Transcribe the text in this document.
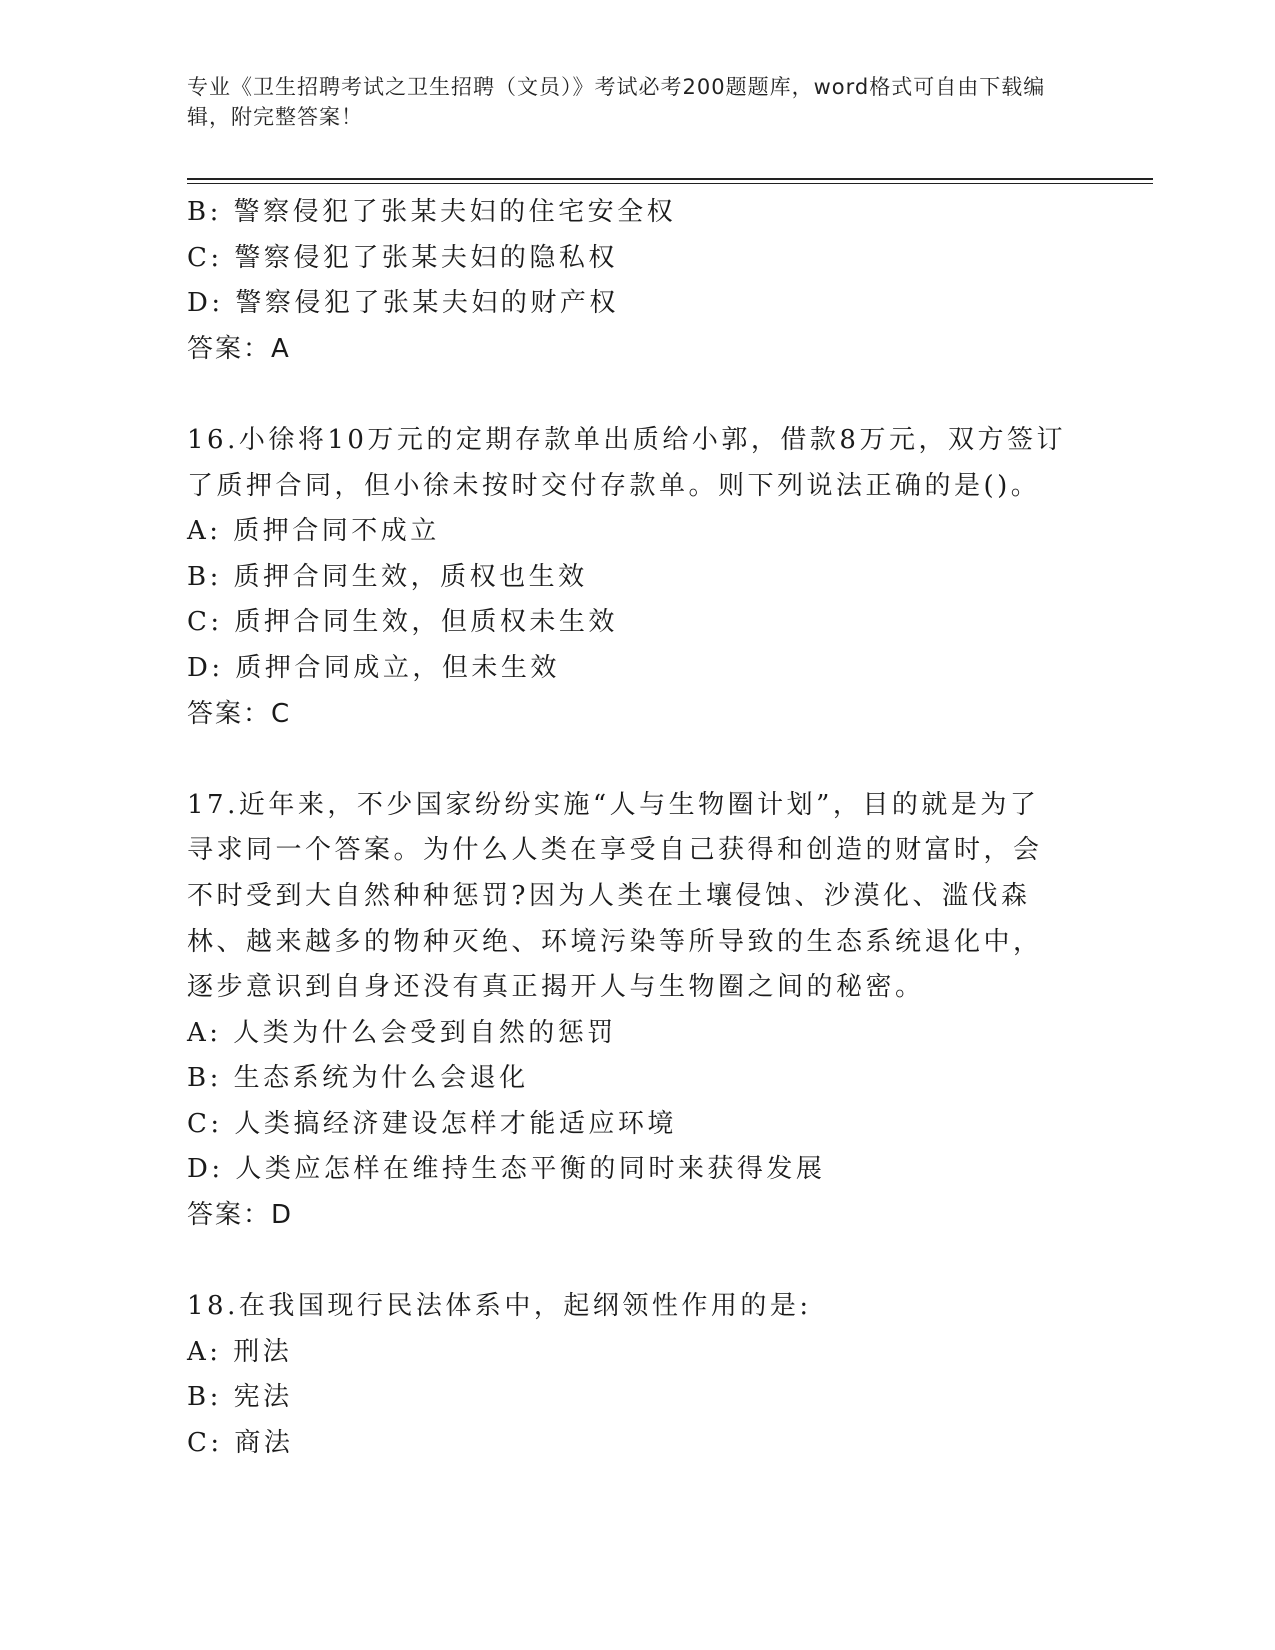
专业《卫生招聘考试之卫生招聘（文员）》考试必考200题题库，word格式可自由下载编辑，附完整答案！
B: 警察侵犯了张某夫妇的住宅安全权
C: 警察侵犯了张某夫妇的隐私权
D: 警察侵犯了张某夫妇的财产权
答案：A
16.小徐将10万元的定期存款单出质给小郭，借款8万元，双方签订了质押合同，但小徐未按时交付存款单。则下列说法正确的是()。
A: 质押合同不成立
B: 质押合同生效，质权也生效
C: 质押合同生效，但质权未生效
D: 质押合同成立，但未生效
答案：C
17.近年来，不少国家纷纷实施“人与生物圈计划”，目的就是为了寻求同一个答案。为什么人类在享受自己获得和创造的财富时，会不时受到大自然种种惩罚?因为人类在土壤侵蚀、沙漠化、滥伐森林、越来越多的物种灭绝、环境污染等所导致的生态系统退化中，逐步意识到自身还没有真正揭开人与生物圈之间的秘密。
A: 人类为什么会受到自然的惩罚
B: 生态系统为什么会退化
C: 人类搞经济建设怎样才能适应环境
D: 人类应怎样在维持生态平衡的同时来获得发展
答案：D
18.在我国现行民法体系中，起纲领性作用的是:
A: 刑法
B: 宪法
C: 商法
